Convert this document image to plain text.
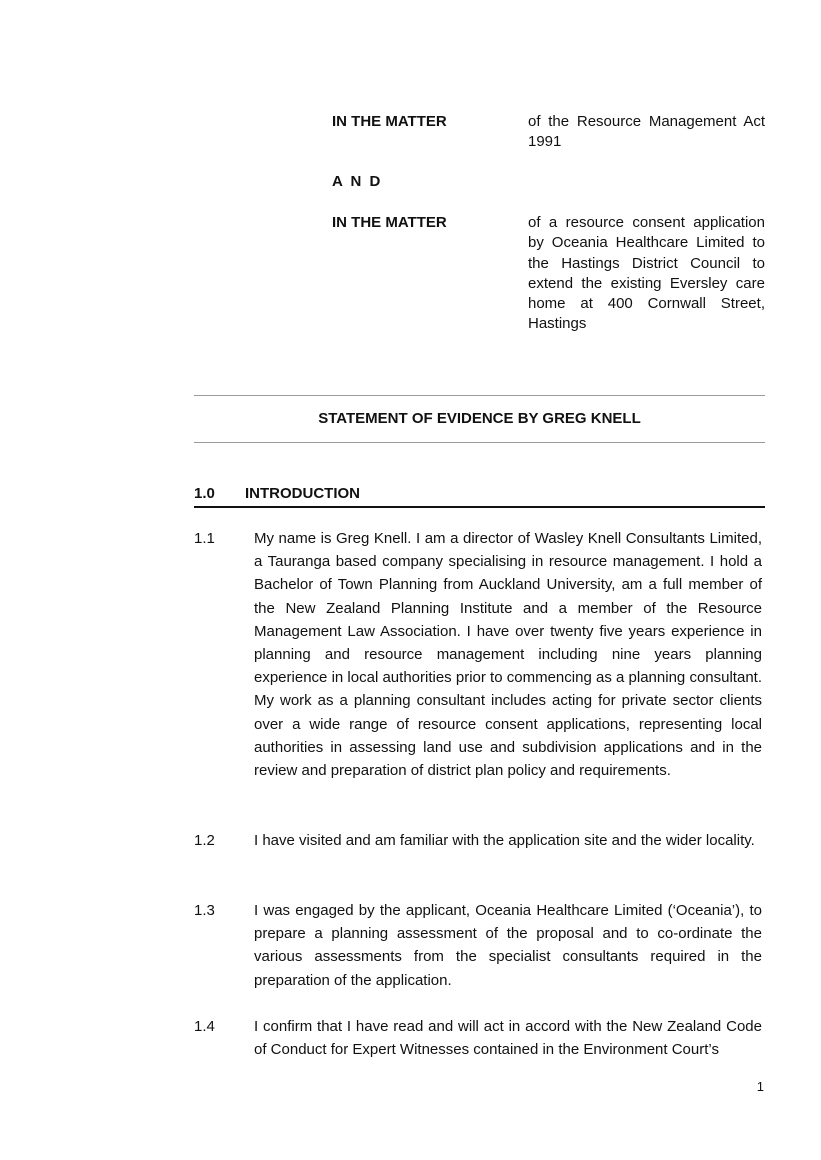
IN THE MATTER	of the Resource Management Act 1991
A N D
IN THE MATTER	of a resource consent application by Oceania Healthcare Limited to the Hastings District Council to extend the existing Eversley care home at 400 Cornwall Street, Hastings
STATEMENT OF EVIDENCE BY GREG KNELL
1.0 INTRODUCTION
1.1	My name is Greg Knell. I am a director of Wasley Knell Consultants Limited, a Tauranga based company specialising in resource management. I hold a Bachelor of Town Planning from Auckland University, am a full member of the New Zealand Planning Institute and a member of the Resource Management Law Association. I have over twenty five years experience in planning and resource management including nine years planning experience in local authorities prior to commencing as a planning consultant. My work as a planning consultant includes acting for private sector clients over a wide range of resource consent applications, representing local authorities in assessing land use and subdivision applications and in the review and preparation of district plan policy and requirements.
1.2	I have visited and am familiar with the application site and the wider locality.
1.3	I was engaged by the applicant, Oceania Healthcare Limited (‘Oceania’), to prepare a planning assessment of the proposal and to co-ordinate the various assessments from the specialist consultants required in the preparation of the application.
1.4	I confirm that I have read and will act in accord with the New Zealand Code of Conduct for Expert Witnesses contained in the Environment Court’s
1
